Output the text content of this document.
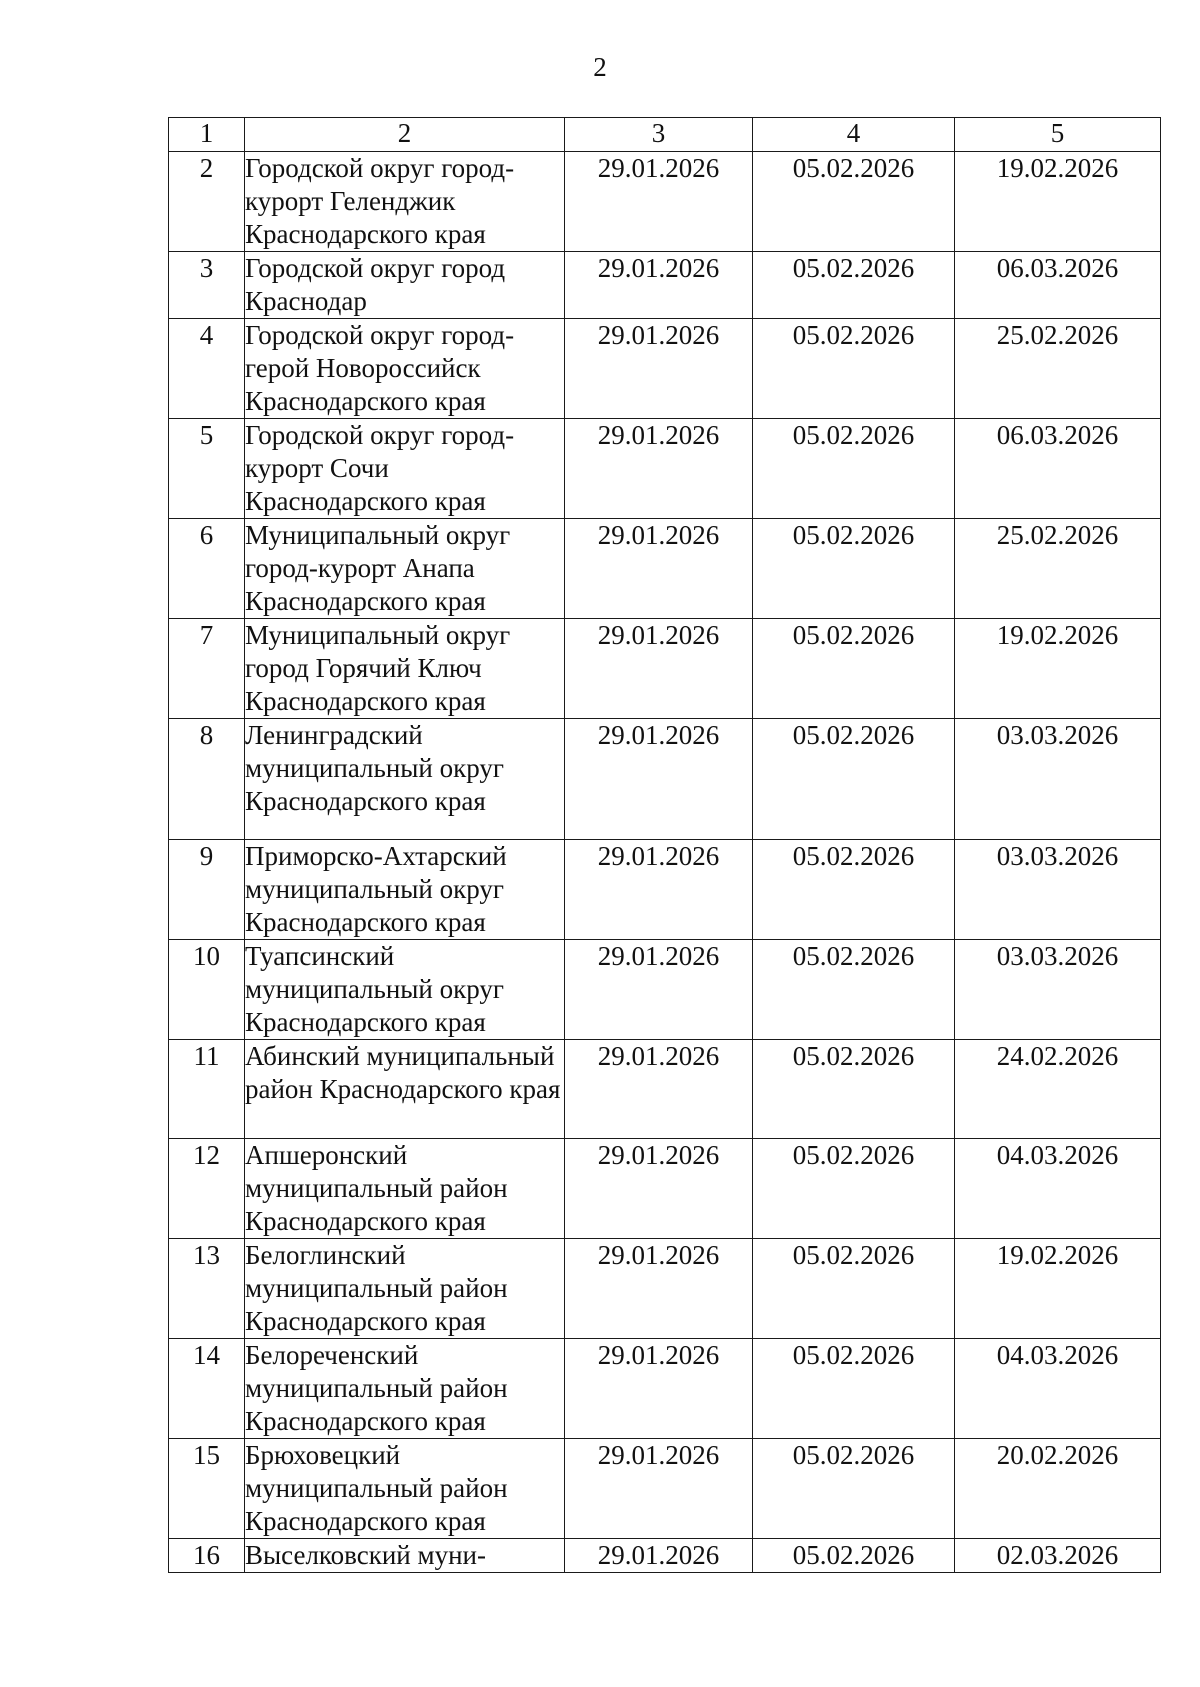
2
1	2	3	4	5
2	Городской округ город-курорт Геленджик Краснодарского края	29.01.2026	05.02.2026	19.02.2026
3	Городской округ город Краснодар	29.01.2026	05.02.2026	06.03.2026
4	Городской округ город-герой Новороссийск Краснодарского края	29.01.2026	05.02.2026	25.02.2026
5	Городской округ город-курорт Сочи Краснодарского края	29.01.2026	05.02.2026	06.03.2026
6	Муниципальный округ город-курорт Анапа Краснодарского края	29.01.2026	05.02.2026	25.02.2026
7	Муниципальный округ город Горячий Ключ Краснодарского края	29.01.2026	05.02.2026	19.02.2026
8	Ленинградский муниципальный округ Краснодарского края	29.01.2026	05.02.2026	03.03.2026
9	Приморско-Ахтарский муниципальный округ Краснодарского края	29.01.2026	05.02.2026	03.03.2026
10	Туапсинский муниципальный округ Краснодарского края	29.01.2026	05.02.2026	03.03.2026
11	Абинский муниципальный район Краснодарского края	29.01.2026	05.02.2026	24.02.2026
12	Апшеронский муниципальный район Краснодарского края	29.01.2026	05.02.2026	04.03.2026
13	Белоглинский муниципальный район Краснодарского края	29.01.2026	05.02.2026	19.02.2026
14	Белореченский муниципальный район Краснодарского края	29.01.2026	05.02.2026	04.03.2026
15	Брюховецкий муниципальный район Краснодарского края	29.01.2026	05.02.2026	20.02.2026
16	Выселковский муни-	29.01.2026	05.02.2026	02.03.2026
